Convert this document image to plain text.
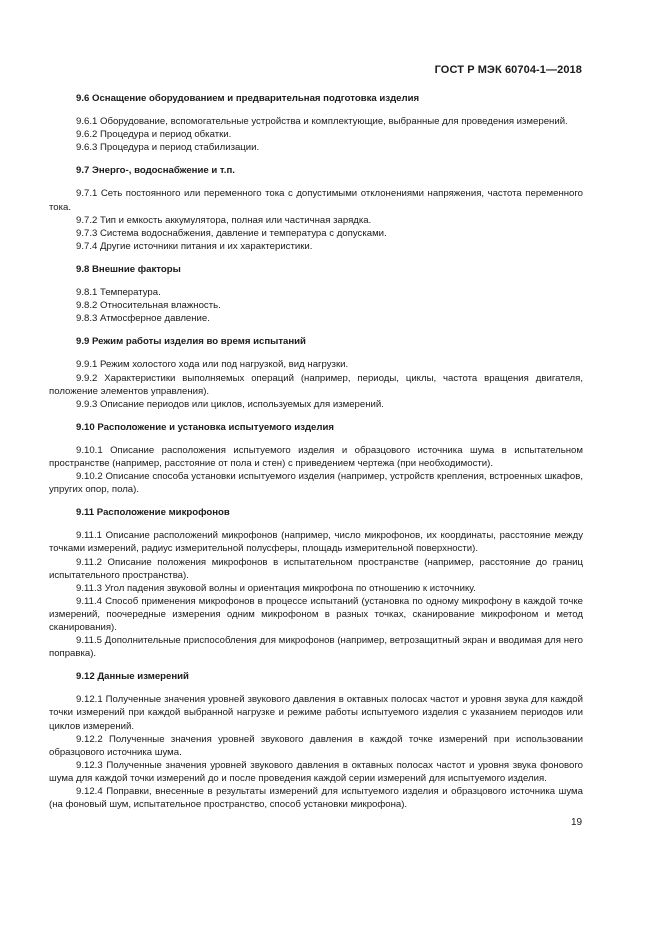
ГОСТ Р МЭК 60704-1—2018

9.6 Оснащение оборудованием и предварительная подготовка изделия

9.6.1 Оборудование, вспомогательные устройства и комплектующие, выбранные для проведения измерений.

9.6.2 Процедура и период обкатки.

9.6.3 Процедура и период стабилизации.

9.7 Энерго-, водоснабжение и т.п.

9.7.1 Сеть постоянного или переменного тока с допустимыми отклонениями напряжения, частота переменного тока.

9.7.2 Тип и емкость аккумулятора, полная или частичная зарядка.

9.7.3 Система водоснабжения, давление и температура с допусками.

9.7.4 Другие источники питания и их характеристики.

9.8 Внешние факторы

9.8.1 Температура.

9.8.2 Относительная влажность.

9.8.3 Атмосферное давление.

9.9 Режим работы изделия во время испытаний

9.9.1 Режим холостого хода или под нагрузкой, вид нагрузки.

9.9.2 Характеристики выполняемых операций (например, периоды, циклы, частота вращения двигателя, положение элементов управления).

9.9.3 Описание периодов или циклов, используемых для измерений.

9.10 Расположение и установка испытуемого изделия

9.10.1 Описание расположения испытуемого изделия и образцового источника шума в испытательном пространстве (например, расстояние от пола и стен) с приведением чертежа (при необходимости).

9.10.2 Описание способа установки испытуемого изделия (например, устройств крепления, встроенных шкафов, упругих опор, пола).

9.11 Расположение микрофонов

9.11.1 Описание расположений микрофонов (например, число микрофонов, их координаты, расстояние между точками измерений, радиус измерительной полусферы, площадь измерительной поверхности).

9.11.2 Описание положения микрофонов в испытательном пространстве (например, расстояние до границ испытательного пространства).

9.11.3 Угол падения звуковой волны и ориентация микрофона по отношению к источнику.

9.11.4 Способ применения микрофонов в процессе испытаний (установка по одному микрофону в каждой точке измерений, поочередные измерения одним микрофоном в разных точках, сканирование микрофоном и метод сканирования).

9.11.5 Дополнительные приспособления для микрофонов (например, ветрозащитный экран и вводимая для него поправка).

9.12 Данные измерений

9.12.1 Полученные значения уровней звукового давления в октавных полосах частот и уровня звука для каждой точки измерений при каждой выбранной нагрузке и режиме работы испытуемого изделия с указанием периодов или циклов измерений.

9.12.2 Полученные значения уровней звукового давления в каждой точке измерений при использовании образцового источника шума.

9.12.3 Полученные значения уровней звукового давления в октавных полосах частот и уровня звука фонового шума для каждой точки измерений до и после проведения каждой серии измерений для испытуемого изделия.

9.12.4 Поправки, внесенные в результаты измерений для испытуемого изделия и образцового источника шума (на фоновый шум, испытательное пространство, способ установки микрофона).

19
